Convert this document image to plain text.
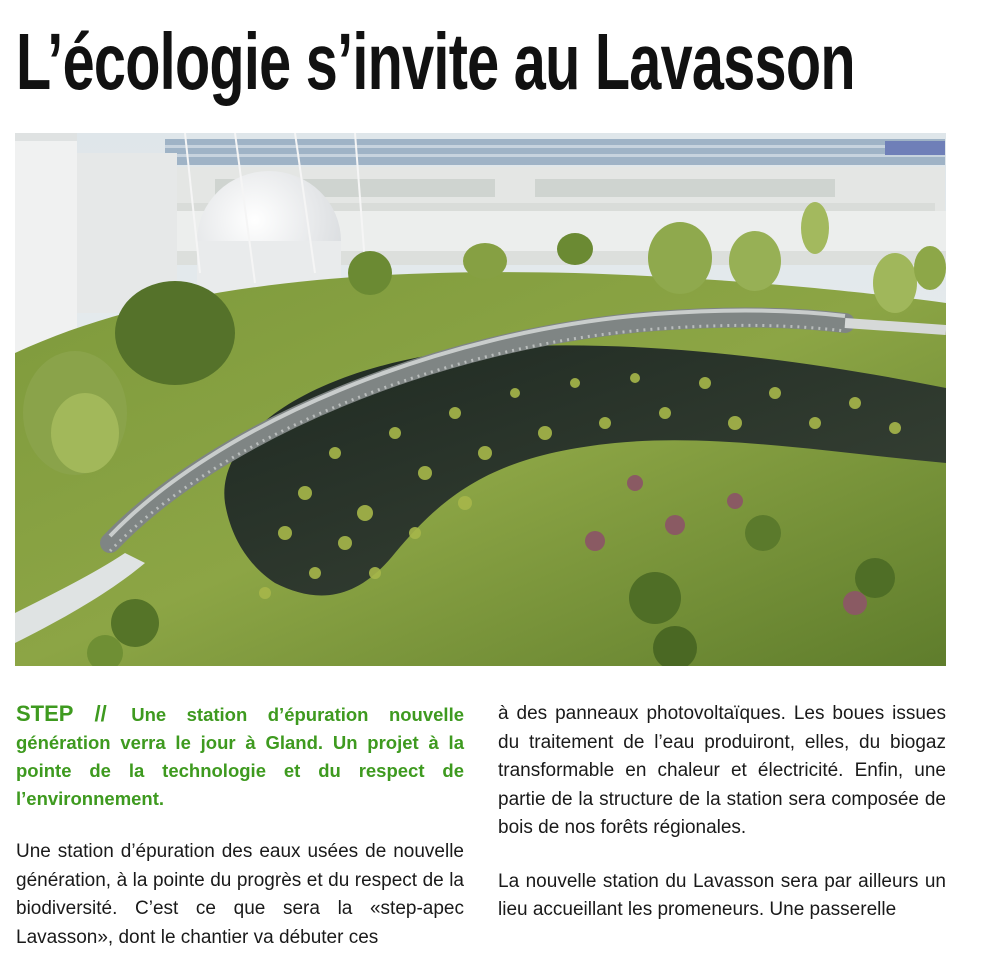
L’écologie s’invite au Lavasson

STEP // Une station d’épuration nouvelle génération verra le jour à Gland. Un projet à la pointe de la technologie et du respect de l’environnement.

Une station d’épuration des eaux usées de nouvelle génération, à la pointe du progrès et du respect de la biodiversité. C’est ce que sera la «step-apec Lavasson», dont le chantier va débuter ces

à des panneaux photovoltaïques. Les boues issues du traitement de l’eau produiront, elles, du biogaz transformable en chaleur et électricité. Enfin, une partie de la structure de la station sera composée de bois de nos forêts régionales.

La nouvelle station du Lavasson sera par ailleurs un lieu accueillant les promeneurs. Une passerelle
